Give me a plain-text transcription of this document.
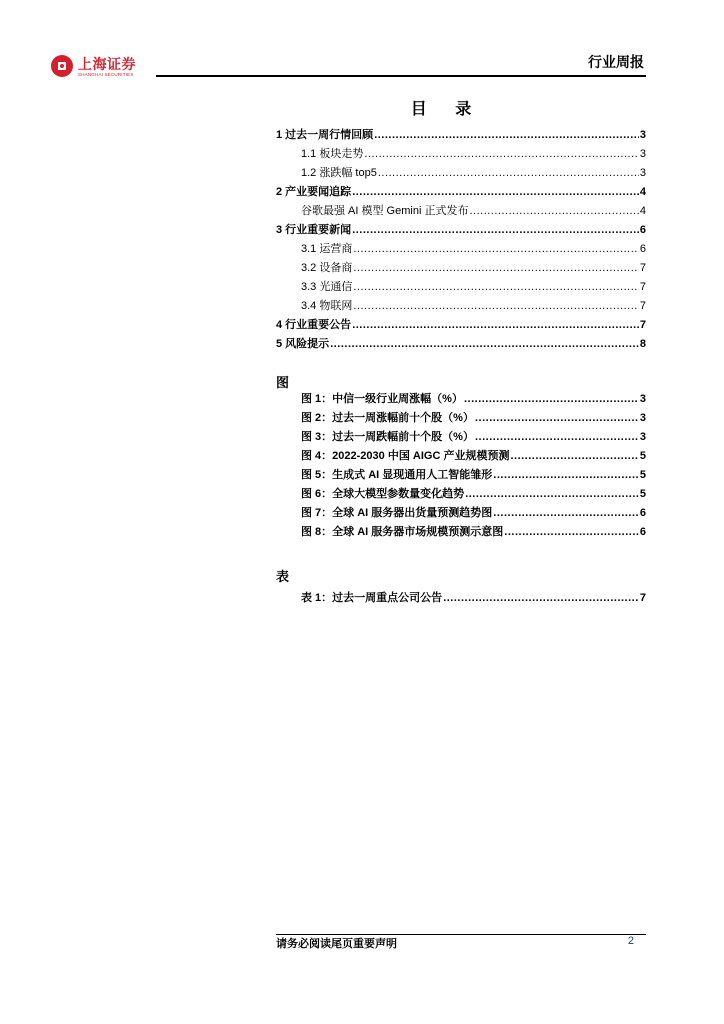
上海证券
SHANGHAI SECURITIES
行业周报
目 录
1 过去一周行情回顾 .....	3
1.1 板块走势 .....	3
1.2 涨跌幅 top5 .....	3
2 产业要闻追踪 .....	4
谷歌最强 AI 模型 Gemini 正式发布 .....	4
3 行业重要新闻 .....	6
3.1 运营商 .....	6
3.2 设备商 .....	7
3.3 光通信 .....	7
3.4 物联网 .....	7
4 行业重要公告 .....	7
5 风险提示 .....	8
图
图 1：中信一级行业周涨幅（%） .....	3
图 2：过去一周涨幅前十个股（%） .....	3
图 3：过去一周跌幅前十个股（%） .....	3
图 4：2022-2030 中国 AIGC 产业规模预测 .....	5
图 5：生成式 AI 显现通用人工智能雏形 .....	5
图 6：全球大模型参数量变化趋势 .....	5
图 7：全球 AI 服务器出货量预测趋势图 .....	6
图 8：全球 AI 服务器市场规模预测示意图 .....	6
表
表 1：过去一周重点公司公告 .....	7
请务必阅读尾页重要声明	2
